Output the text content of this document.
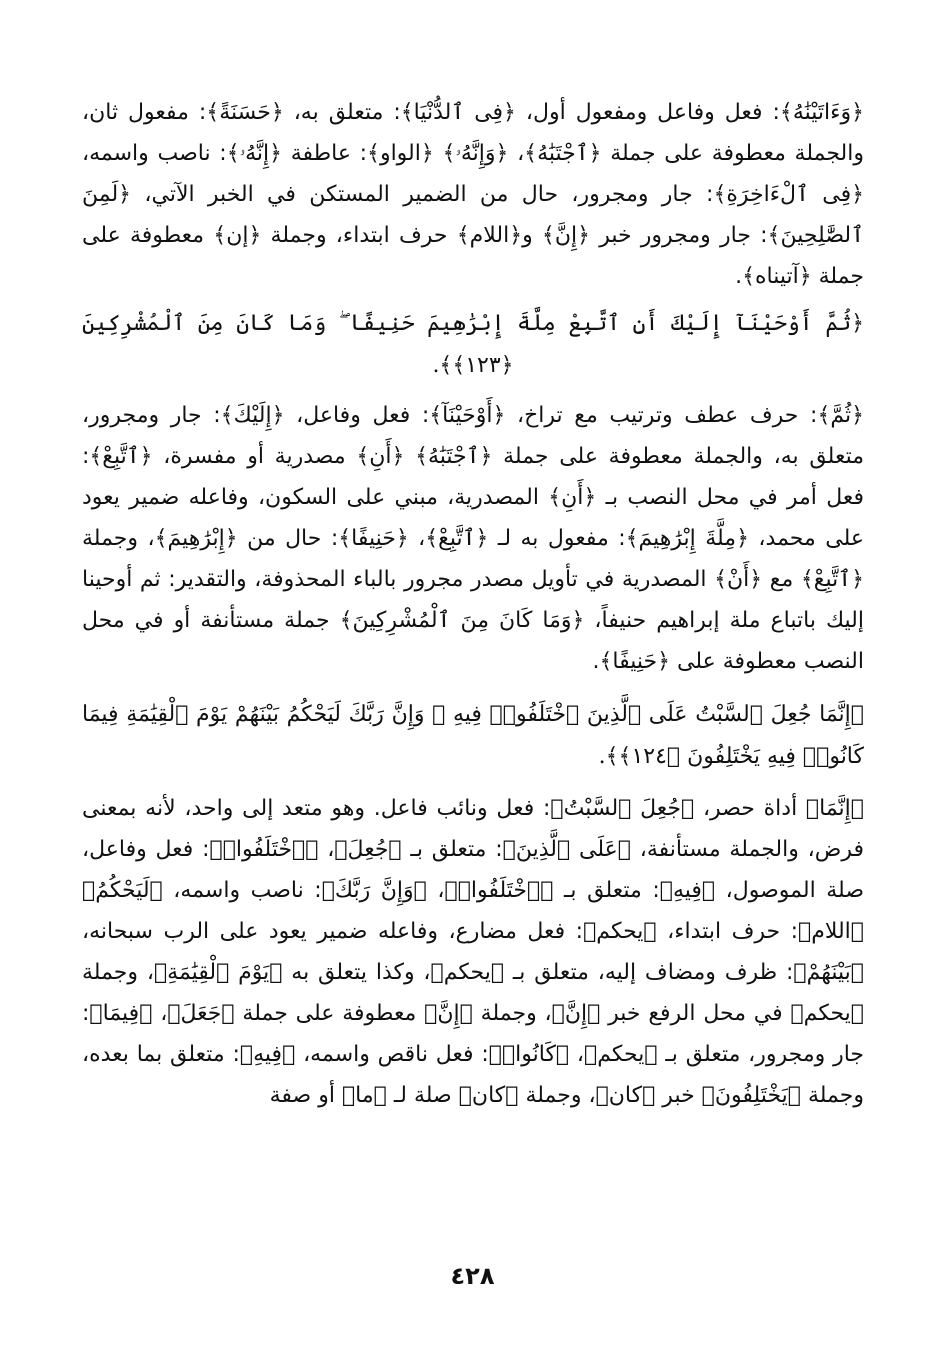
﴿وَءَاتَيْنَٰهُ﴾: فعل وفاعل ومفعول أول، ﴿فِى ٱلدُّنْيَا﴾: متعلق به، ﴿حَسَنَةً﴾: مفعول ثان، والجملة معطوفة على جملة ﴿ٱجْتَبَٰهُ﴾، ﴿وَإِنَّهُۥ﴾ ﴿الواو﴾: عاطفة ﴿إِنَّهُۥ﴾: ناصب واسمه، ﴿فِى ٱلْءَاخِرَةِ﴾: جار ومجرور، حال من الضمير المستكن في الخبر الآتي، ﴿لَمِنَ ٱلصَّٰلِحِينَ﴾: جار ومجرور خبر ﴿إِنَّ﴾ و﴿اللام﴾ حرف ابتداء، وجملة ﴿إن﴾ معطوفة على جملة ﴿آتيناه﴾.

﴿ثُمَّ أَوْحَيْنَآ إِلَيْكَ أَنِ ٱتَّبِعْ مِلَّةَ إِبْرَٰهِيمَ حَنِيفًا ۖ وَمَا كَانَ مِنَ ٱلْمُشْرِكِينَ ﴿١٢٣﴾﴾.

﴿ثُمَّ﴾: حرف عطف وترتيب مع تراخ، ﴿أَوْحَيْنَآ﴾: فعل وفاعل، ﴿إِلَيْكَ﴾: جار ومجرور، متعلق به، والجملة معطوفة على جملة ﴿ٱجْتَبَٰهُ﴾ ﴿أَنِ﴾ مصدرية أو مفسرة، ﴿ٱتَّبِعْ﴾: فعل أمر في محل النصب بـ ﴿أَنِ﴾ المصدرية، مبني على السكون، وفاعله ضمير يعود على محمد، ﴿مِلَّةَ إِبْرَٰهِيمَ﴾: مفعول به لـ ﴿ٱتَّبِعْ﴾، ﴿حَنِيفًا﴾: حال من ﴿إِبْرَٰهِيمَ﴾، وجملة ﴿ٱتَّبِعْ﴾ مع ﴿أَنْ﴾ المصدرية في تأويل مصدر مجرور بالباء المحذوفة، والتقدير: ثم أوحينا إليك باتباع ملة إبراهيم حنيفاً، ﴿وَمَا كَانَ مِنَ ٱلْمُشْرِكِينَ﴾ جملة مستأنفة أو في محل النصب معطوفة على ﴿حَنِيفًا﴾.

﴿إِنَّمَا جُعِلَ ٱلسَّبْتُ عَلَى ٱلَّذِينَ ٱخْتَلَفُوا۟ فِيهِ ۚ وَإِنَّ رَبَّكَ لَيَحْكُمُ بَيْنَهُمْ يَوْمَ ٱلْقِيَٰمَةِ فِيمَا كَانُوا۟ فِيهِ يَخْتَلِفُونَ ﴿١٢٤﴾﴾.

﴿إِنَّمَا﴾ أداة حصر، ﴿جُعِلَ ٱلسَّبْتُ﴾: فعل ونائب فاعل. وهو متعد إلى واحد، لأنه بمعنى فرض، والجملة مستأنفة، ﴿عَلَى ٱلَّذِينَ﴾: متعلق بـ ﴿جُعِلَ﴾، ﴿ٱخْتَلَفُوا۟﴾: فعل وفاعل، صلة الموصول، ﴿فِيهِ﴾: متعلق بـ ﴿ٱخْتَلَفُوا۟﴾، ﴿وَإِنَّ رَبَّكَ﴾: ناصب واسمه، ﴿لَيَحْكُمُ﴾ ﴿اللام﴾: حرف ابتداء، ﴿يحكم﴾: فعل مضارع، وفاعله ضمير يعود على الرب سبحانه، ﴿بَيْنَهُمْ﴾: ظرف ومضاف إليه، متعلق بـ ﴿يحكم﴾، وكذا يتعلق به ﴿يَوْمَ ٱلْقِيَٰمَةِ﴾، وجملة ﴿يحكم﴾ في محل الرفع خبر ﴿إِنَّ﴾، وجملة ﴿إِنَّ﴾ معطوفة على جملة ﴿جَعَلَ﴾، ﴿فِيمَا﴾: جار ومجرور، متعلق بـ ﴿يحكم﴾، ﴿كَانُوا۟﴾: فعل ناقص واسمه، ﴿فِيهِ﴾: متعلق بما بعده، وجملة ﴿يَخْتَلِفُونَ﴾ خبر ﴿كان﴾، وجملة ﴿كان﴾ صلة لـ ﴿ما﴾ أو صفة

٤٢٨
